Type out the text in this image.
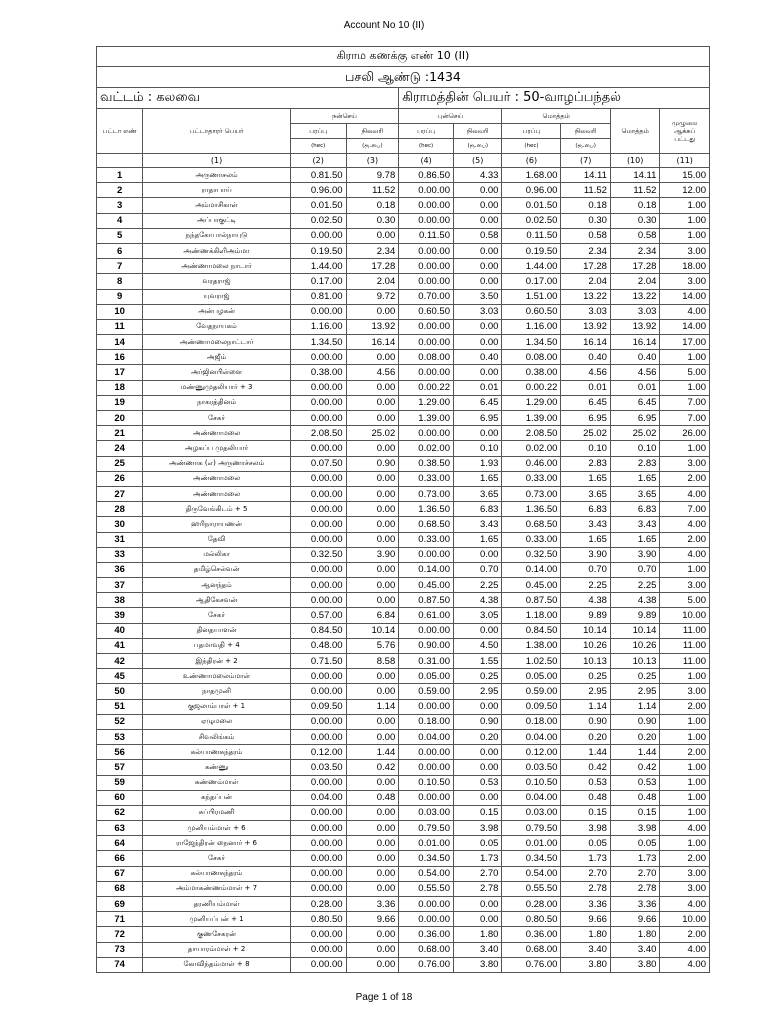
Account No 10 (II)
கிராம கணக்கு எண் 10 (II)									
பசலி ஆண்டு :1434									
வட்டம் : கலவை				கிராமத்தின் பெயர் : 50-வாழப்பந்தல்					
பட்டா எண்	பட்டாதாரர் பெயர்	நன்செய்		புன்செய்		மொத்தம்		மொத்தம்	முழுமை ஆக்கப் பட்டது
		பரப்பு	நிலவரி	பரப்பு	நிலவரி	பரப்பு	நிலவரி		
		(hec)	(ரூ.பை)	(hec)	(ரூ.பை)	(hec)	(ரூ.பை)		
	(1)	(2)	(3)	(4)	(5)	(6)	(7)	(10)	(11)
1	அருணாசலம்	0.81.50	9.78	0.86.50	4.33	1.68.00	14.11	14.11	15.00
2	ராதாபாய்	0.96.00	11.52	0.00.00	0.00	0.96.00	11.52	11.52	12.00
3	அம்மாசிகாள்	0.01.50	0.18	0.00.00	0.00	0.01.50	0.18	0.18	1.00
4	அப்பாகுட்டி	0.02.50	0.30	0.00.00	0.00	0.02.50	0.30	0.30	1.00
5	நந்தகோபால்நாயுடு	0.00.00	0.00	0.11.50	0.58	0.11.50	0.58	0.58	1.00
6	அண்ணக்கிளிஅம்மா	0.19.50	2.34	0.00.00	0.00	0.19.50	2.34	2.34	3.00
7	அண்ணாமலை நாடார்	1.44.00	17.28	0.00.00	0.00	1.44.00	17.28	17.28	18.00
8	வரதராஜ்	0.17.00	2.04	0.00.00	0.00	0.17.00	2.04	2.04	3.00
9	யுவராஜ்	0.81.00	9.72	0.70.00	3.50	1.51.00	13.22	13.22	14.00
10	அன்பழகன்	0.00.00	0.00	0.60.50	3.03	0.60.50	3.03	3.03	4.00
11	வேதநாயகம்	1.16.00	13.92	0.00.00	0.00	1.16.00	13.92	13.92	14.00
14	அண்ணாமலைநாட்டார்	1.34.50	16.14	0.00.00	0.00	1.34.50	16.14	16.14	17.00
16	அஜீம்	0.00.00	0.00	0.08.00	0.40	0.08.00	0.40	0.40	1.00
17	அர்ஜினபிள்ளை	0.38.00	4.56	0.00.00	0.00	0.38.00	4.56	4.56	5.00
18	மண்ணுமுதலியார் + 3	0.00.00	0.00	0.00.22	0.01	0.00.22	0.01	0.01	1.00
19	நாகரத்தினம்	0.00.00	0.00	1.29.00	6.45	1.29.00	6.45	6.45	7.00
20	சேகர்	0.00.00	0.00	1.39.00	6.95	1.39.00	6.95	6.95	7.00
21	அண்ணாமலை	2.08.50	25.02	0.00.00	0.00	2.08.50	25.02	25.02	26.00
24	அழகப்ப முதலியார்	0.00.00	0.00	0.02.00	0.10	0.02.00	0.10	0.10	1.00
25	அண்ணாக (எ) அருணாச்சலம்	0.07.50	0.90	0.38.50	1.93	0.46.00	2.83	2.83	3.00
26	அண்ணாமலை	0.00.00	0.00	0.33.00	1.65	0.33.00	1.65	1.65	2.00
27	அண்ணாமலை	0.00.00	0.00	0.73.00	3.65	0.73.00	3.65	3.65	4.00
28	திருவேங்கிடம் + 5	0.00.00	0.00	1.36.50	6.83	1.36.50	6.83	6.83	7.00
30	ஹரிநாராயணன்	0.00.00	0.00	0.68.50	3.43	0.68.50	3.43	3.43	4.00
31	தேவி	0.00.00	0.00	0.33.00	1.65	0.33.00	1.65	1.65	2.00
33	மல்லிகா	0.32.50	3.90	0.00.00	0.00	0.32.50	3.90	3.90	4.00
36	தமிழ்செல்வன்	0.00.00	0.00	0.14.00	0.70	0.14.00	0.70	0.70	1.00
37	ஆனந்தம்	0.00.00	0.00	0.45.00	2.25	0.45.00	2.25	2.25	3.00
38	ஆதிகேசவன்	0.00.00	0.00	0.87.50	4.38	0.87.50	4.38	4.38	5.00
39	சேகர்	0.57.00	6.84	0.61.00	3.05	1.18.00	9.89	9.89	10.00
40	தினதயாளன்	0.84.50	10.14	0.00.00	0.00	0.84.50	10.14	10.14	11.00
41	பதமாவதி + 4	0.48.00	5.76	0.90.00	4.50	1.38.00	10.26	10.26	11.00
42	இந்திரன் + 2	0.71.50	8.58	0.31.00	1.55	1.02.50	10.13	10.13	11.00
45	உண்ணாமலைம்மாள்	0.00.00	0.00	0.05.00	0.25	0.05.00	0.25	0.25	1.00
50	நாதமுனி	0.00.00	0.00	0.59.00	2.95	0.59.00	2.95	2.95	3.00
51	குஜலாம்பாள் + 1	0.09.50	1.14	0.00.00	0.00	0.09.50	1.14	1.14	2.00
52	ஏழுமலை	0.00.00	0.00	0.18.00	0.90	0.18.00	0.90	0.90	1.00
53	சிவலிங்கம்	0.00.00	0.00	0.04.00	0.20	0.04.00	0.20	0.20	1.00
56	கல்யாணசுந்தரம்	0.12.00	1.44	0.00.00	0.00	0.12.00	1.44	1.44	2.00
57	கண்ணு	0.03.50	0.42	0.00.00	0.00	0.03.50	0.42	0.42	1.00
59	கண்ணம்மாள்	0.00.00	0.00	0.10.50	0.53	0.10.50	0.53	0.53	1.00
60	கந்தப்பன்	0.04.00	0.48	0.00.00	0.00	0.04.00	0.48	0.48	1.00
62	சுப்பிரமணி	0.00.00	0.00	0.03.00	0.15	0.03.00	0.15	0.15	1.00
63	முனியம்மாள் + 6	0.00.00	0.00	0.79.50	3.98	0.79.50	3.98	3.98	4.00
64	ராஜேந்திரன் நைனார் + 6	0.00.00	0.00	0.01.00	0.05	0.01.00	0.05	0.05	1.00
66	சேகர்	0.00.00	0.00	0.34.50	1.73	0.34.50	1.73	1.73	2.00
67	கல்யாணசுந்தரம்	0.00.00	0.00	0.54.00	2.70	0.54.00	2.70	2.70	3.00
68	அம்மாகண்ணம்மாள் + 7	0.00.00	0.00	0.55.50	2.78	0.55.50	2.78	2.78	3.00
69	தரணியம்மாள்	0.28.00	3.36	0.00.00	0.00	0.28.00	3.36	3.36	4.00
71	முனியப்பன் + 1	0.80.50	9.66	0.00.00	0.00	0.80.50	9.66	9.66	10.00
72	குணசேகரன்	0.00.00	0.00	0.36.00	1.80	0.36.00	1.80	1.80	2.00
73	தாயாரம்மாள் + 2	0.00.00	0.00	0.68.00	3.40	0.68.00	3.40	3.40	4.00
74	கோவிந்தம்மாள் + 8	0.00.00	0.00	0.76.00	3.80	0.76.00	3.80	3.80	4.00
Page 1 of 18
